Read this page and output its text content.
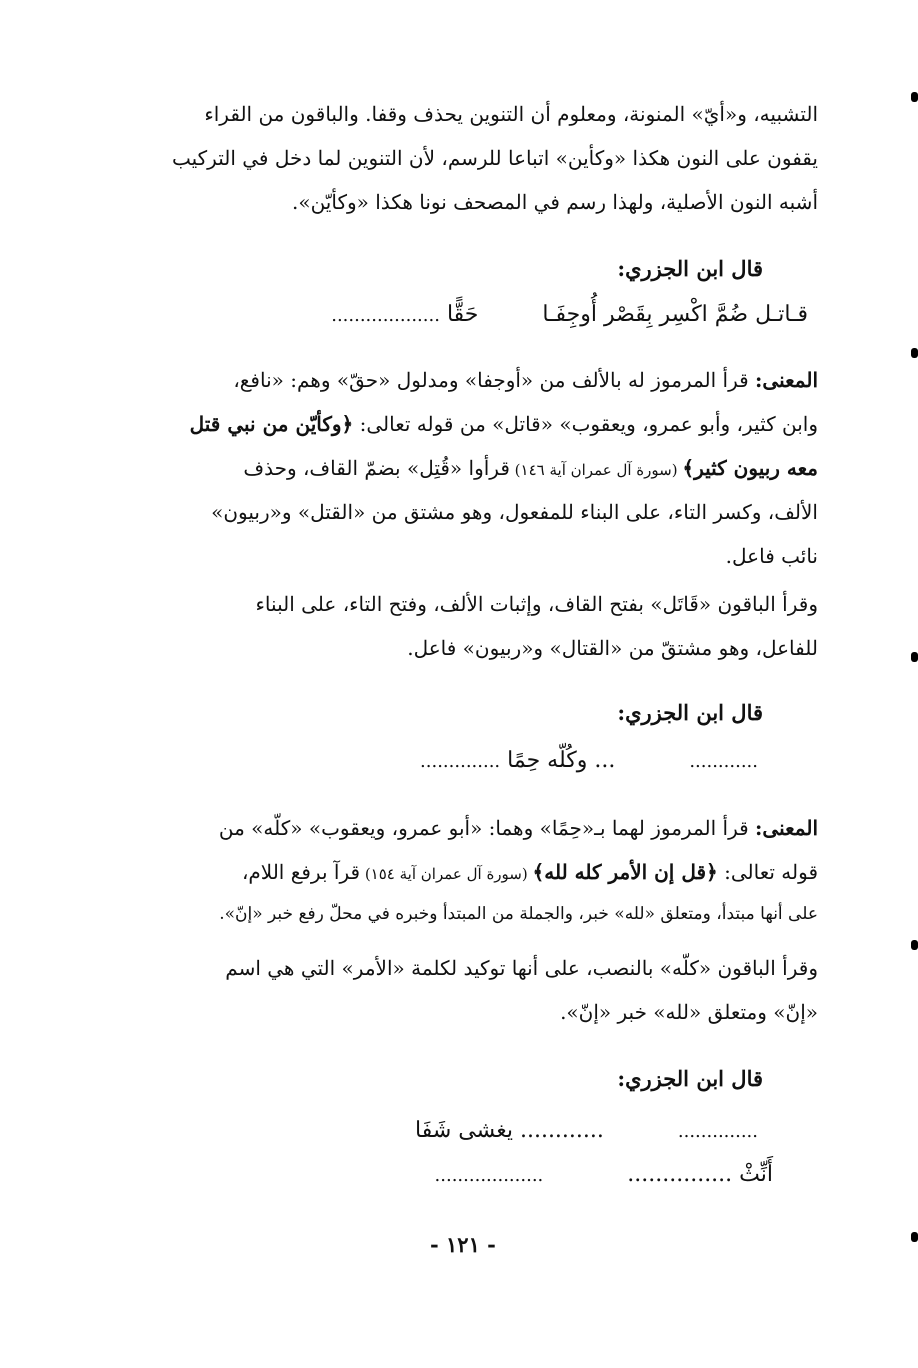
التشبيه، و«أيّ» المنونة، ومعلوم أن التنوين يحذف وقفا. والباقون من القراء
يقفون على النون هكذا «وكأين» اتباعا للرسم، لأن التنوين لما دخل في التركيب
أشبه النون الأصلية، ولهذا رسم في المصحف نونا هكذا «وكأيّن».
قال ابن الجزري:
قـاتـل ضُمَّ اكْسِر بِقَصْر أُوجِفَـا  حَقًّا ...................
المعنى: قرأ المرموز له بالألف من «أوجفا» ومدلول «حقّ» وهم: «نافع،
وابن كثير، وأبو عمرو، ويعقوب» «قاتل» من قوله تعالى: ﴿وكأيّن من نبي قتل
معه ربيون كثير﴾ (سورة آل عمران آية ١٤٦) قرأوا «قُتِل» بضمّ القاف، وحذف
الألف، وكسر التاء، على البناء للمفعول، وهو مشتق من «القتل» و«ربيون»
نائب فاعل.
وقرأ الباقون «قَاتَل» بفتح القاف، وإثبات الألف، وفتح التاء، على البناء
للفاعل، وهو مشتقّ من «القتال» و«ربيون» فاعل.
قال ابن الجزري:
............  ... وكُلّه حِمًا ..............
المعنى: قرأ المرموز لهما بـ«حِمًا» وهما: «أبو عمرو، ويعقوب» «كلّه» من
قوله تعالى: ﴿قل إن الأمر كله لله﴾ (سورة آل عمران آية ١٥٤) قرآ برفع اللام،
على أنها مبتدأ، ومتعلق «لله» خبر، والجملة من المبتدأ وخبره في محلّ رفع خبر «إنّ».
وقرأ الباقون «كلّه» بالنصب، على أنها توكيد لكلمة «الأمر» التي هي اسم
«إنّ» ومتعلق «لله» خبر «إنّ».
قال ابن الجزري:
..............  ............ يغشى شَفَا
أَنِّثْ ...............  ...................
- ١٢١ -
